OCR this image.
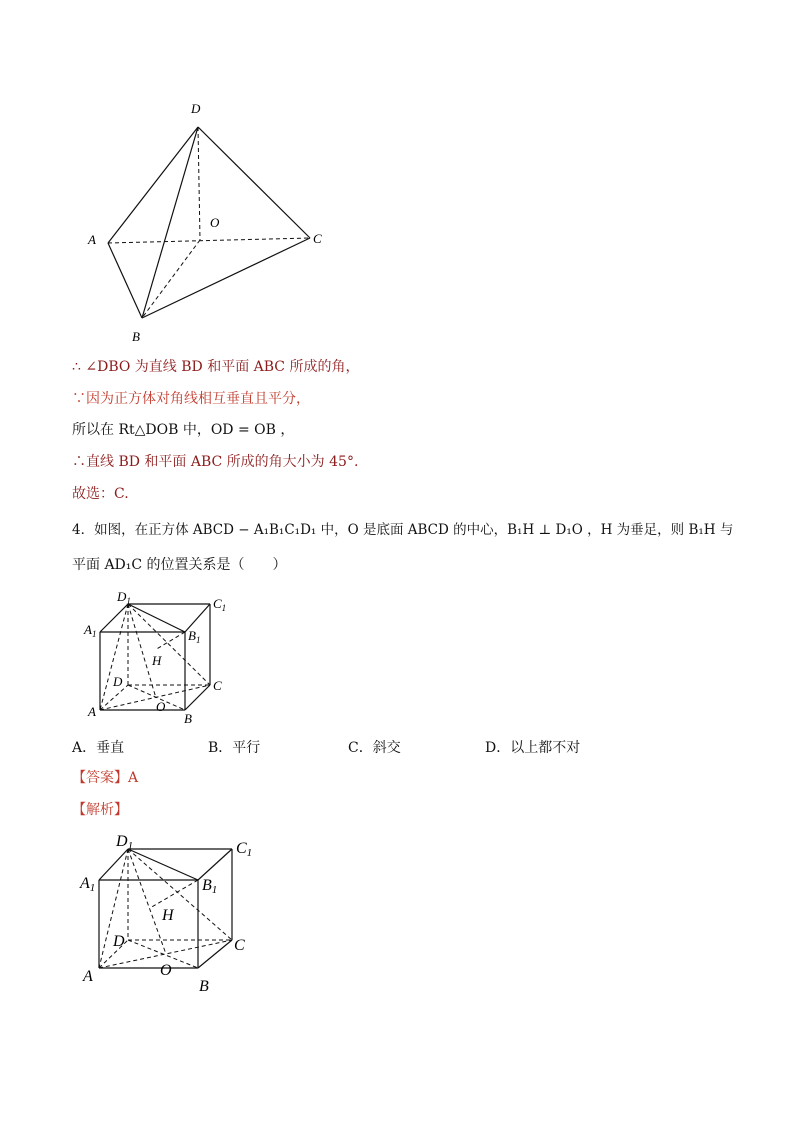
D
O
A	C
B
∴ ∠DBO 为直线 BD 和平面 ABC 所成的角，
∵因为正方体对角线相互垂直且平分，
所以在 Rt△DOB 中，OD = OB ，
∴直线 BD 和平面 ABC 所成的角大小为 45°.
故选：C.
4．如图，在正方体 ABCD − A₁B₁C₁D₁ 中，O 是底面 ABCD 的中心，B₁H ⊥ D₁O ，H 为垂足，则 B₁H 与
平面 AD₁C 的位置关系是（　　）
$D_1$	$C_1$
$A_1$	$B_1$
H
D	C
A	O
B
A．垂直	B．平行	C．斜交	D．以上都不对
【答案】A
【解析】
D1	C1
A1	B1
H
D	C
A	O
B
